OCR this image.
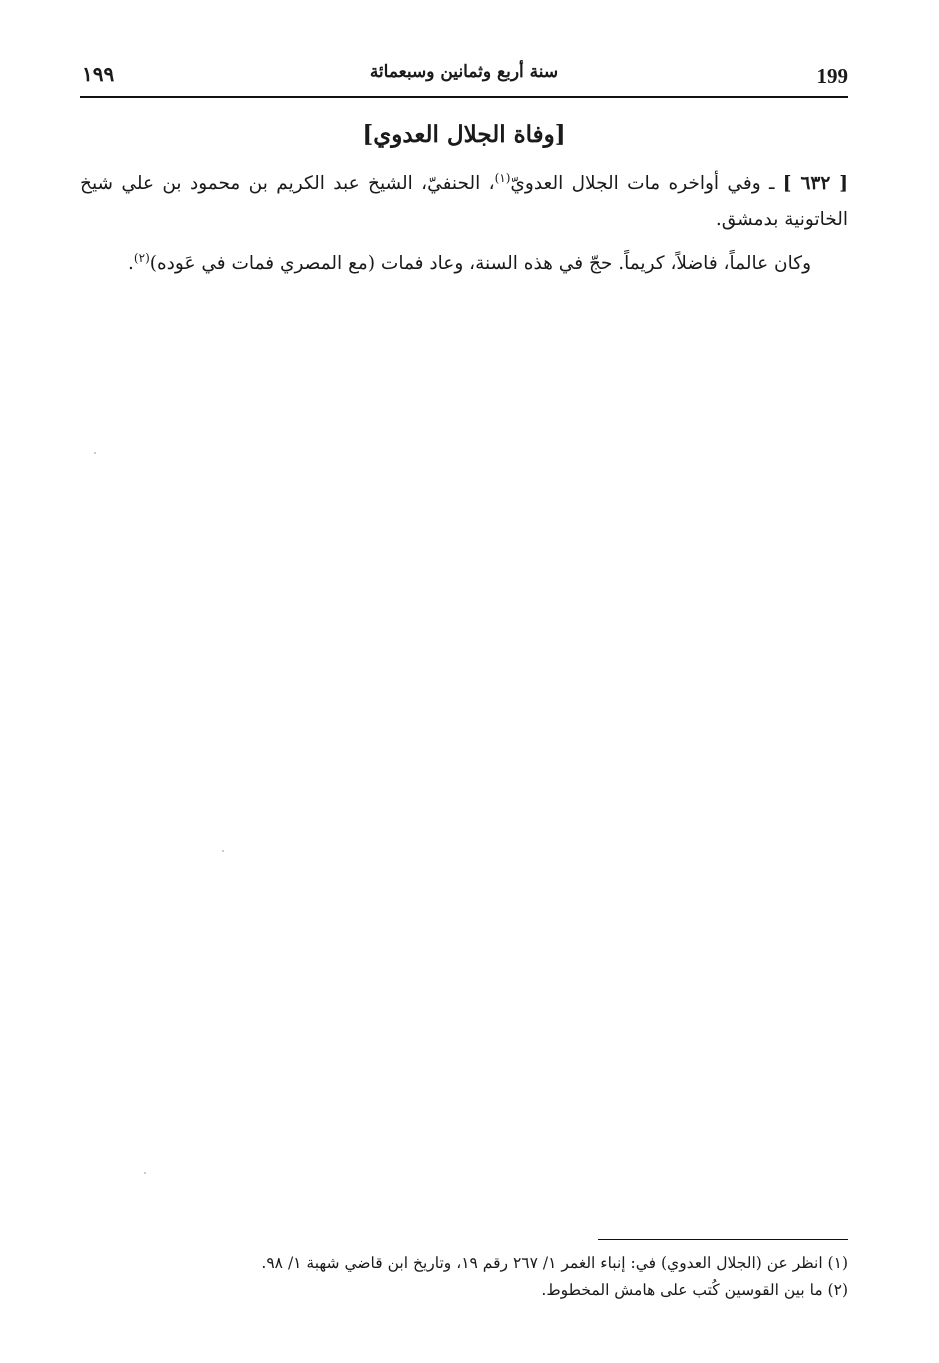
199
سنة أربع وثمانين وسبعمائة
١٩٩
[وفاة الجلال العدوي]

[ ٦٣٢ ] ـ وفي أواخره مات الجلال العدويّ$^{(١)}$، الحنفيّ، الشيخ عبد الكريم بن محمود بن علي شيخ الخاتونية بدمشق.

  وكان عالماً، فاضلاً، كريماً. حجّ في هذه السنة، وعاد فمات (مع المصري فمات في عَوده)$^{(٢)}$.

(١) انظر عن (الجلال العدوي) في: إنباء الغمر ١/ ٢٦٧ رقم ١٩، وتاريخ ابن قاضي شهبة ١/ ٩٨.

(٢) ما بين القوسين كُتب على هامش المخطوط.
